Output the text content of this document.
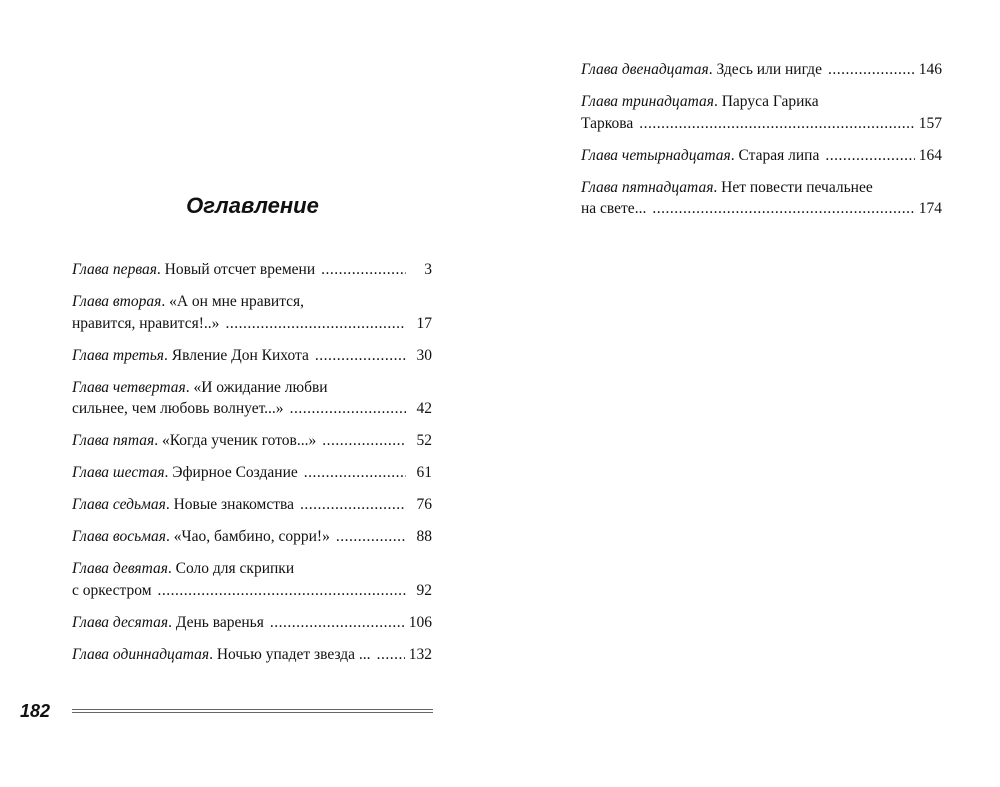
Оглавление
Глава первая . Новый отсчет времени .....	3
Глава вторая. «А он мне нравится,
нравится, нравится!..» .....	17
Глава третья . Явление Дон Кихота .....	30
Глава четвертая. «И ожидание любви
сильнее, чем любовь волнует...» .....	42
Глава пятая . «Когда ученик готов...» .....	52
Глава шестая . Эфирное Создание .....	61
Глава седьмая . Новые знакомства .....	76
Глава восьмая . «Чао, бамбино, сорри!» .....	88
Глава девятая. Соло для скрипки
с оркестром .....	92
Глава десятая . День варенья .....	106
Глава одиннадцатая . Ночью упадет звезда ... ..... 132
182
Глава двенадцатая . Здесь или нигде .....	146
Глава тринадцатая. Паруса Гарика
Таркова .....	157
Глава четырнадцатая . Старая липа .....	164
Глава пятнадцатая. Нет повести печальнее
на свете... .....	174
